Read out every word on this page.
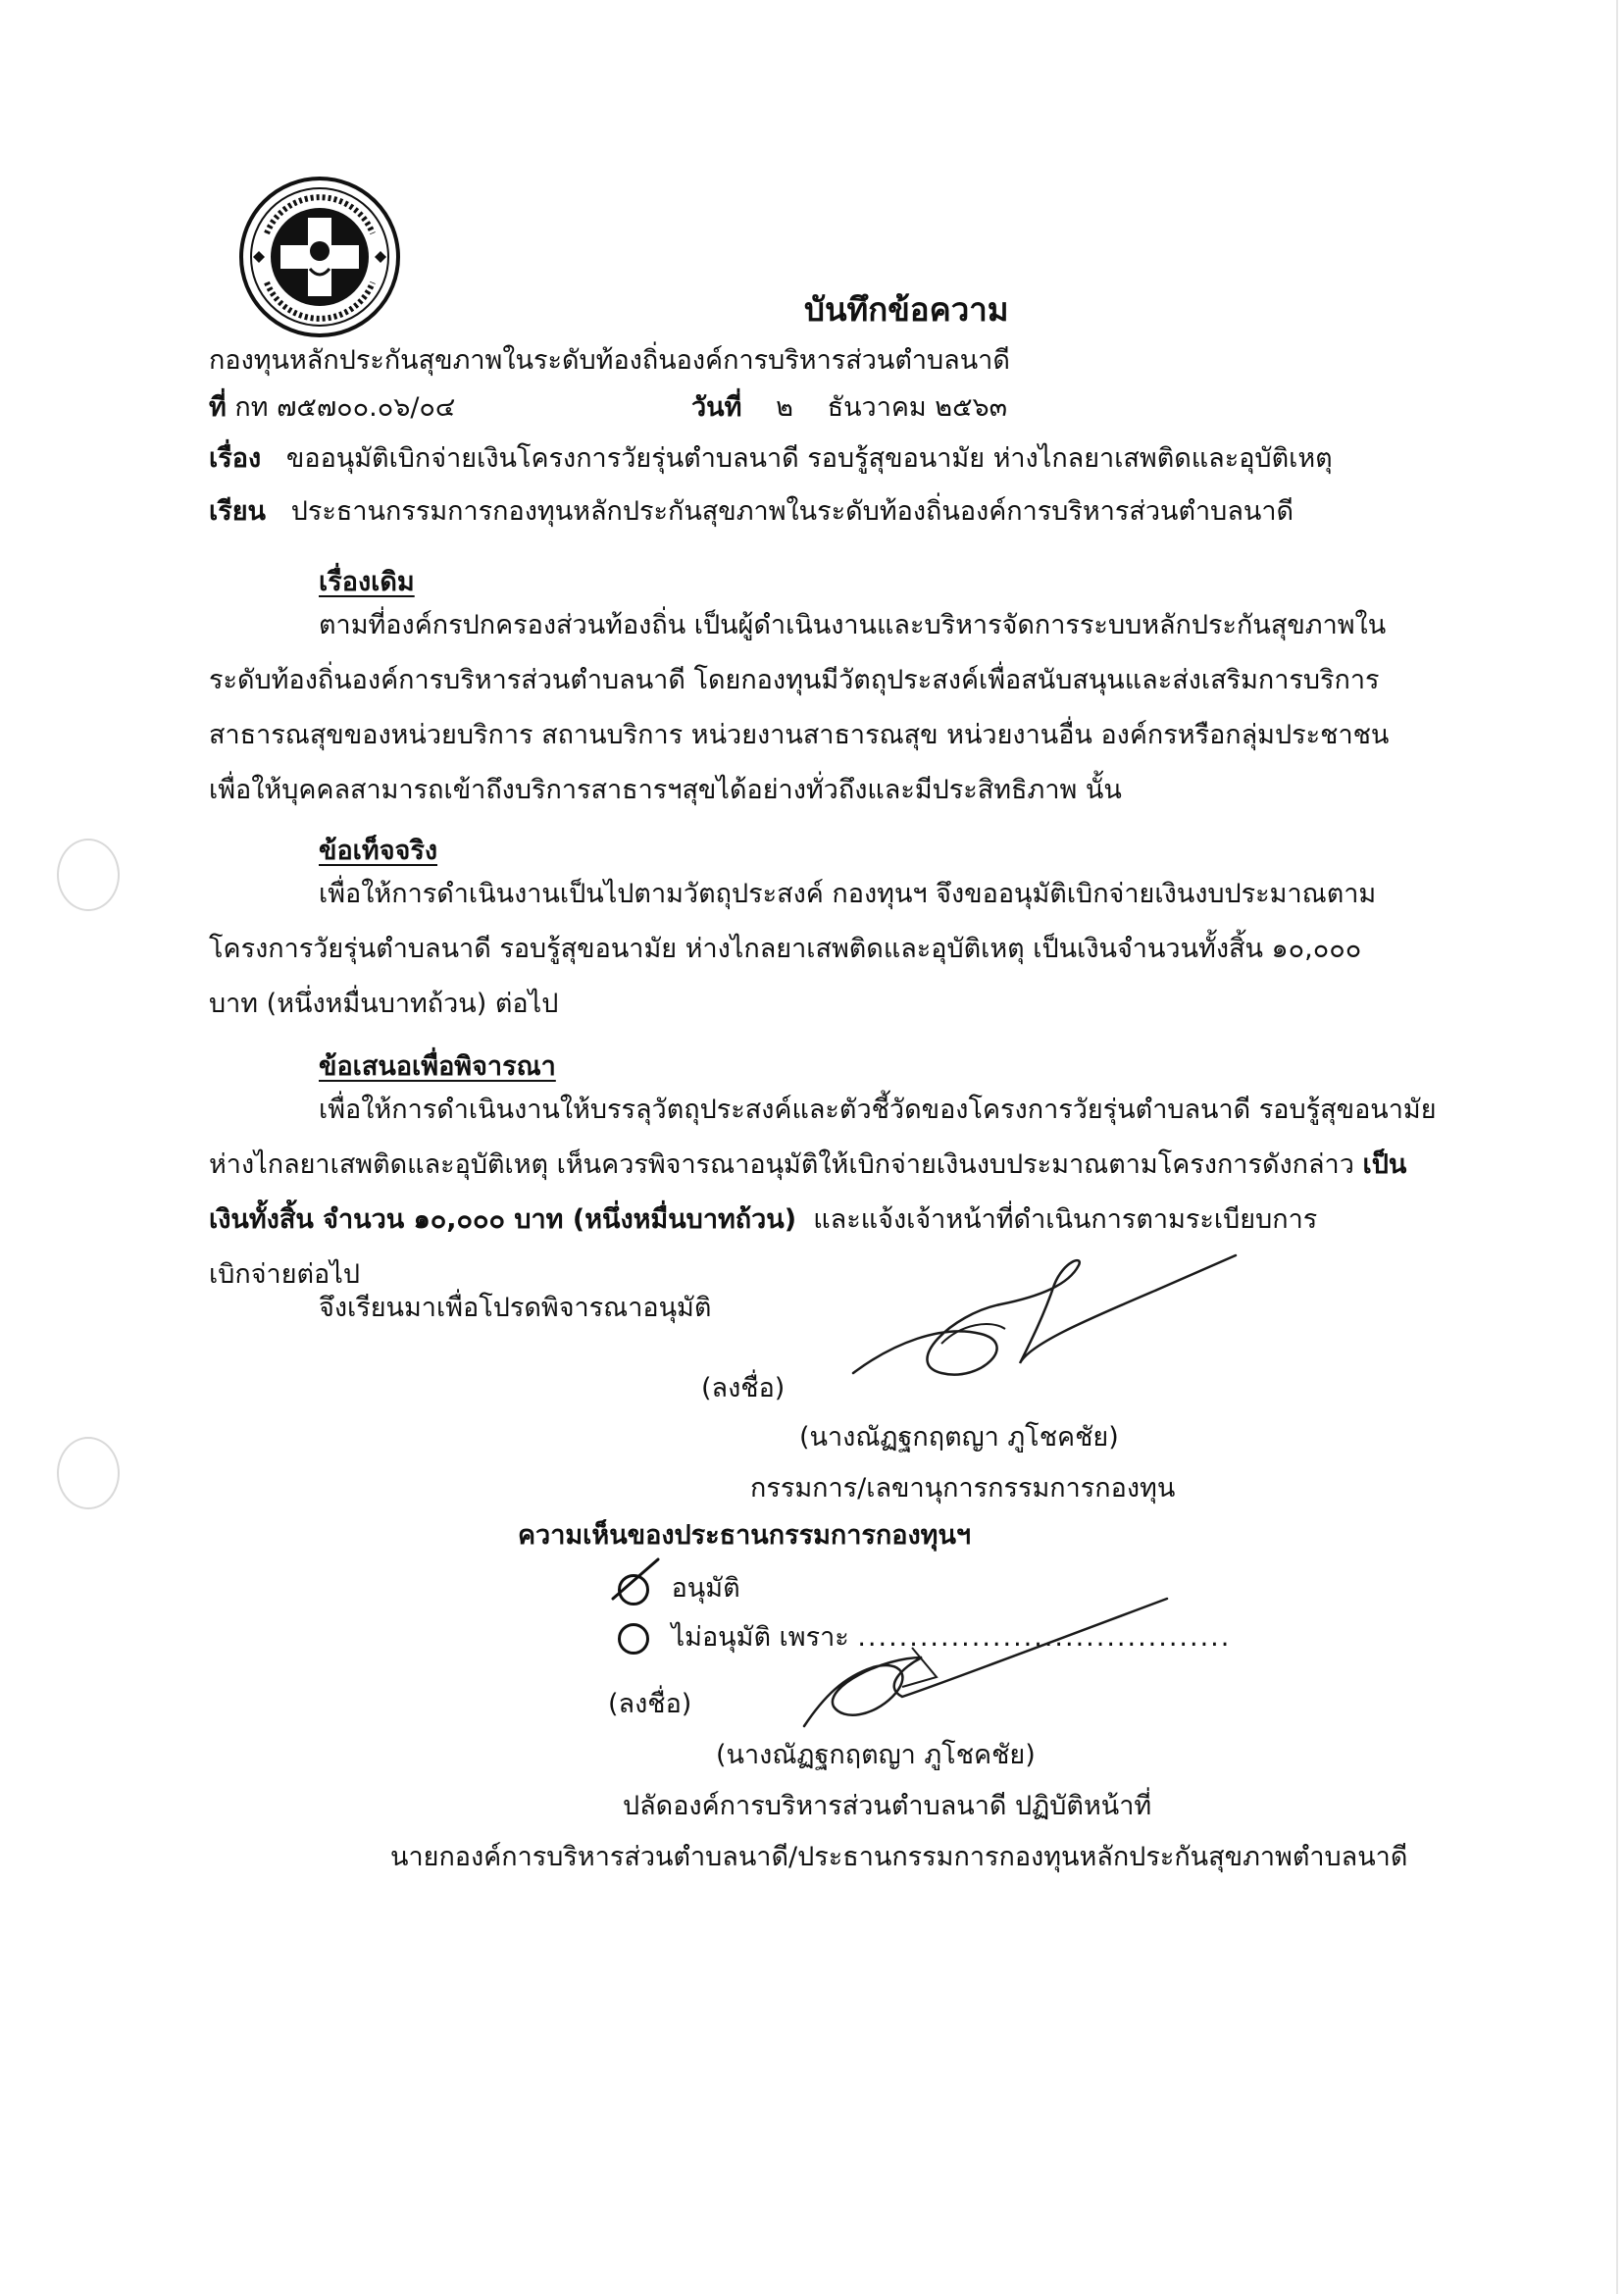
บันทึกข้อความ
กองทุนหลักประกันสุขภาพในระดับท้องถิ่นองค์การบริหารส่วนตำบลนาดี
ที่ กท ๗๕๗๐๐.๐๖/๐๔	วันที่ ๒ ธันวาคม ๒๕๖๓
เรื่อง ขออนุมัติเบิกจ่ายเงินโครงการวัยรุ่นตำบลนาดี รอบรู้สุขอนามัย ห่างไกลยาเสพติดและอุบัติเหตุ
เรียน ประธานกรรมการกองทุนหลักประกันสุขภาพในระดับท้องถิ่นองค์การบริหารส่วนตำบลนาดี
เรื่องเดิม
ตามที่องค์กรปกครองส่วนท้องถิ่น เป็นผู้ดำเนินงานและบริหารจัดการระบบหลักประกันสุขภาพใน
ระดับท้องถิ่นองค์การบริหารส่วนตำบลนาดี โดยกองทุนมีวัตถุประสงค์เพื่อสนับสนุนและส่งเสริมการบริการ
สาธารณสุขของหน่วยบริการ สถานบริการ หน่วยงานสาธารณสุข หน่วยงานอื่น องค์กรหรือกลุ่มประชาชน
เพื่อให้บุคคลสามารถเข้าถึงบริการสาธารฯสุขได้อย่างทั่วถึงและมีประสิทธิภาพ นั้น
ข้อเท็จจริง
เพื่อให้การดำเนินงานเป็นไปตามวัตถุประสงค์ กองทุนฯ จึงขออนุมัติเบิกจ่ายเงินงบประมาณตาม
โครงการวัยรุ่นตำบลนาดี รอบรู้สุขอนามัย ห่างไกลยาเสพติดและอุบัติเหตุ เป็นเงินจำนวนทั้งสิ้น ๑๐,๐๐๐
บาท (หนึ่งหมื่นบาทถ้วน) ต่อไป
ข้อเสนอเพื่อพิจารณา
เพื่อให้การดำเนินงานให้บรรลุวัตถุประสงค์และตัวชี้วัดของโครงการวัยรุ่นตำบลนาดี รอบรู้สุขอนามัย
ห่างไกลยาเสพติดและอุบัติเหตุ เห็นควรพิจารณาอนุมัติให้เบิกจ่ายเงินงบประมาณตามโครงการดังกล่าว เป็น
เงินทั้งสิ้น จำนวน ๑๐,๐๐๐ บาท (หนึ่งหมื่นบาทถ้วน) และแจ้งเจ้าหน้าที่ดำเนินการตามระเบียบการ
เบิกจ่ายต่อไป
จึงเรียนมาเพื่อโปรดพิจารณาอนุมัติ
(ลงชื่อ)
(นางณัฏฐกฤตญา ภูโชคชัย)
กรรมการ/เลขานุการกรรมการกองทุน
ความเห็นของประธานกรรมการกองทุนฯ
อนุมัติ
ไม่อนุมัติ เพราะ ....................................
(ลงชื่อ)
(นางณัฏฐกฤตญา ภูโชคชัย)
ปลัดองค์การบริหารส่วนตำบลนาดี ปฏิบัติหน้าที่
นายกองค์การบริหารส่วนตำบลนาดี/ประธานกรรมการกองทุนหลักประกันสุขภาพตำบลนาดี
